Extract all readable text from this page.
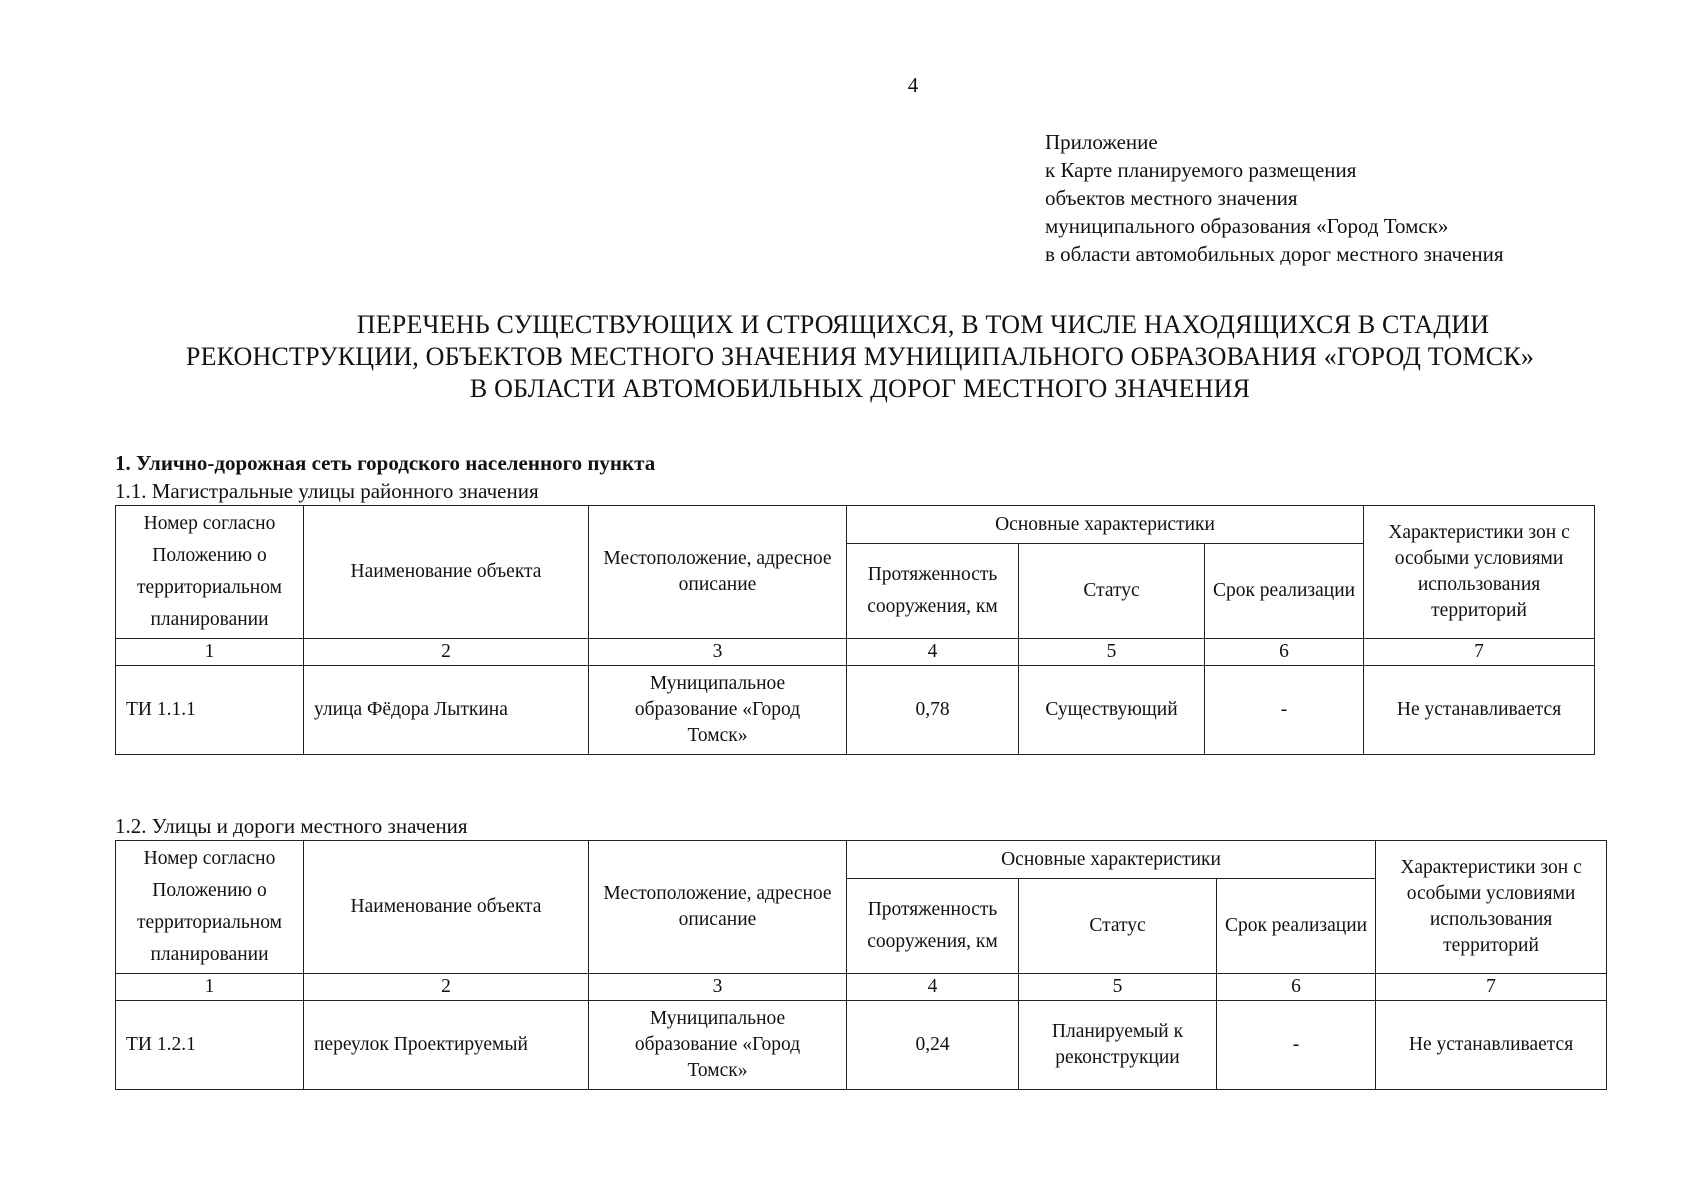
4
Приложение
к Карте планируемого размещения
объектов местного значения
муниципального образования «Город Томск»
в области автомобильных дорог местного значения
ПЕРЕЧЕНЬ СУЩЕСТВУЮЩИХ И СТРОЯЩИХСЯ, В ТОМ ЧИСЛЕ НАХОДЯЩИХСЯ В СТАДИИ
РЕКОНСТРУКЦИИ, ОБЪЕКТОВ МЕСТНОГО ЗНАЧЕНИЯ МУНИЦИПАЛЬНОГО ОБРАЗОВАНИЯ «ГОРОД ТОМСК»
В ОБЛАСТИ АВТОМОБИЛЬНЫХ ДОРОГ МЕСТНОГО ЗНАЧЕНИЯ
1. Улично-дорожная сеть городского населенного пункта
1.1. Магистральные улицы районного значения
Номер согласно Положению о территориальном планировании	Наименование объекта	Местоположение, адресное описание	Основные характеристики			Характеристики зон с особыми условиями использования территорий
			Протяженность сооружения, км	Статус	Срок реализации	
1	2	3	4	5	6	7
ТИ 1.1.1	улица Фёдора Лыткина	Муниципальное образование «Город Томск»	0,78	Существующий	-	Не устанавливается
1.2. Улицы и дороги местного значения
Номер согласно Положению о территориальном планировании	Наименование объекта	Местоположение, адресное описание	Основные характеристики			Характеристики зон с особыми условиями использования территорий
			Протяженность сооружения, км	Статус	Срок реализации	
1	2	3	4	5	6	7
ТИ 1.2.1	переулок Проектируемый	Муниципальное образование «Город Томск»	0,24	Планируемый к реконструкции	-	Не устанавливается
